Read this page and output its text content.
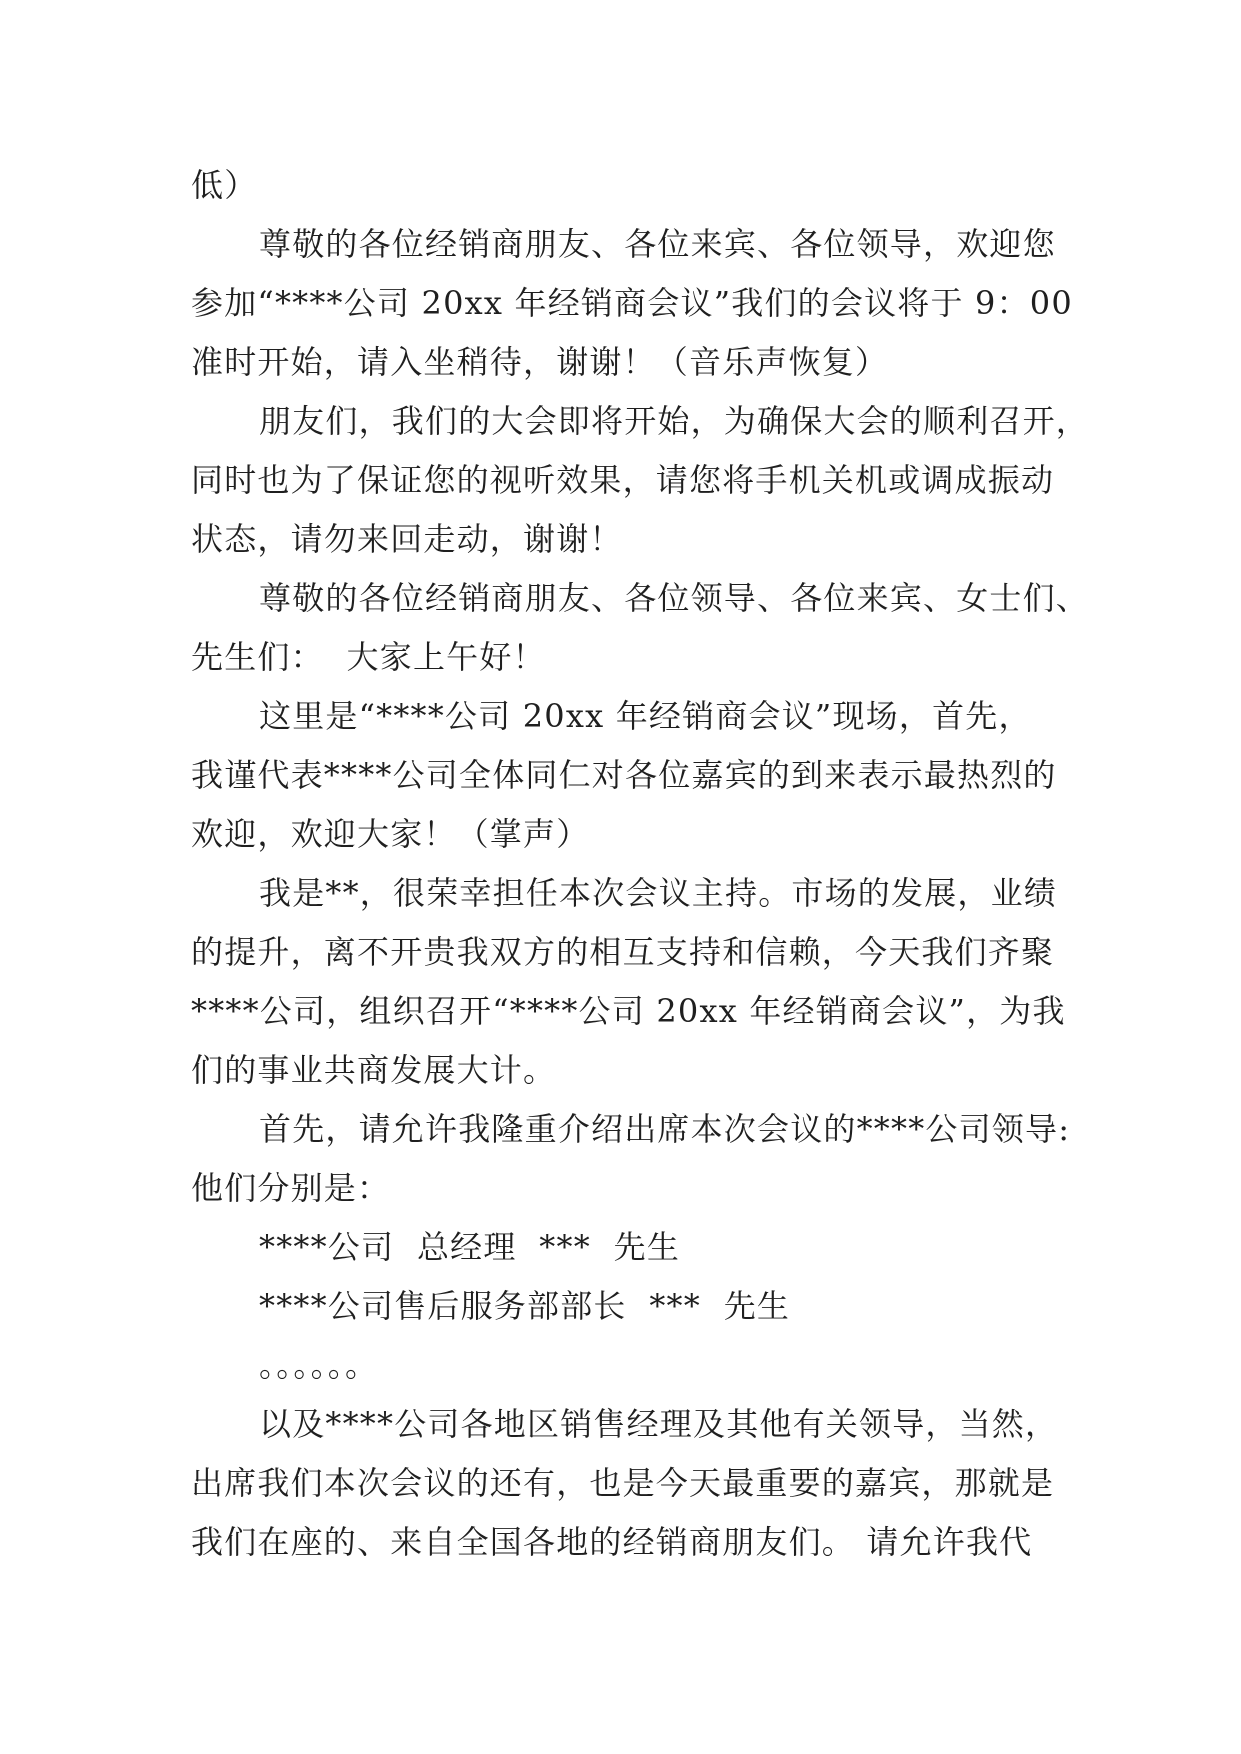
低）
尊敬的各位经销商朋友、各位来宾、各位领导，欢迎您
参加“****公司 20xx 年经销商会议”我们的会议将于 9：00
准时开始，请入坐稍待，谢谢！（音乐声恢复）
朋友们，我们的大会即将开始，为确保大会的顺利召开，
同时也为了保证您的视听效果，请您将手机关机或调成振动
状态，请勿来回走动，谢谢！
尊敬的各位经销商朋友、各位领导、各位来宾、女士们、
先生们：  大家上午好！
这里是“****公司 20xx 年经销商会议”现场，首先，
我谨代表****公司全体同仁对各位嘉宾的到来表示最热烈的
欢迎，欢迎大家！（掌声）
我是**，很荣幸担任本次会议主持。市场的发展，业绩
的提升，离不开贵我双方的相互支持和信赖，今天我们齐聚
****公司，组织召开“****公司 20xx 年经销商会议”，为我
们的事业共商发展大计。
首先，请允许我隆重介绍出席本次会议的****公司领导:
他们分别是：
****公司  总经理  ***  先生
****公司售后服务部部长  ***  先生
。。。。。。
以及****公司各地区销售经理及其他有关领导，当然，
出席我们本次会议的还有，也是今天最重要的嘉宾，那就是
我们在座的、来自全国各地的经销商朋友们。 请允许我代
